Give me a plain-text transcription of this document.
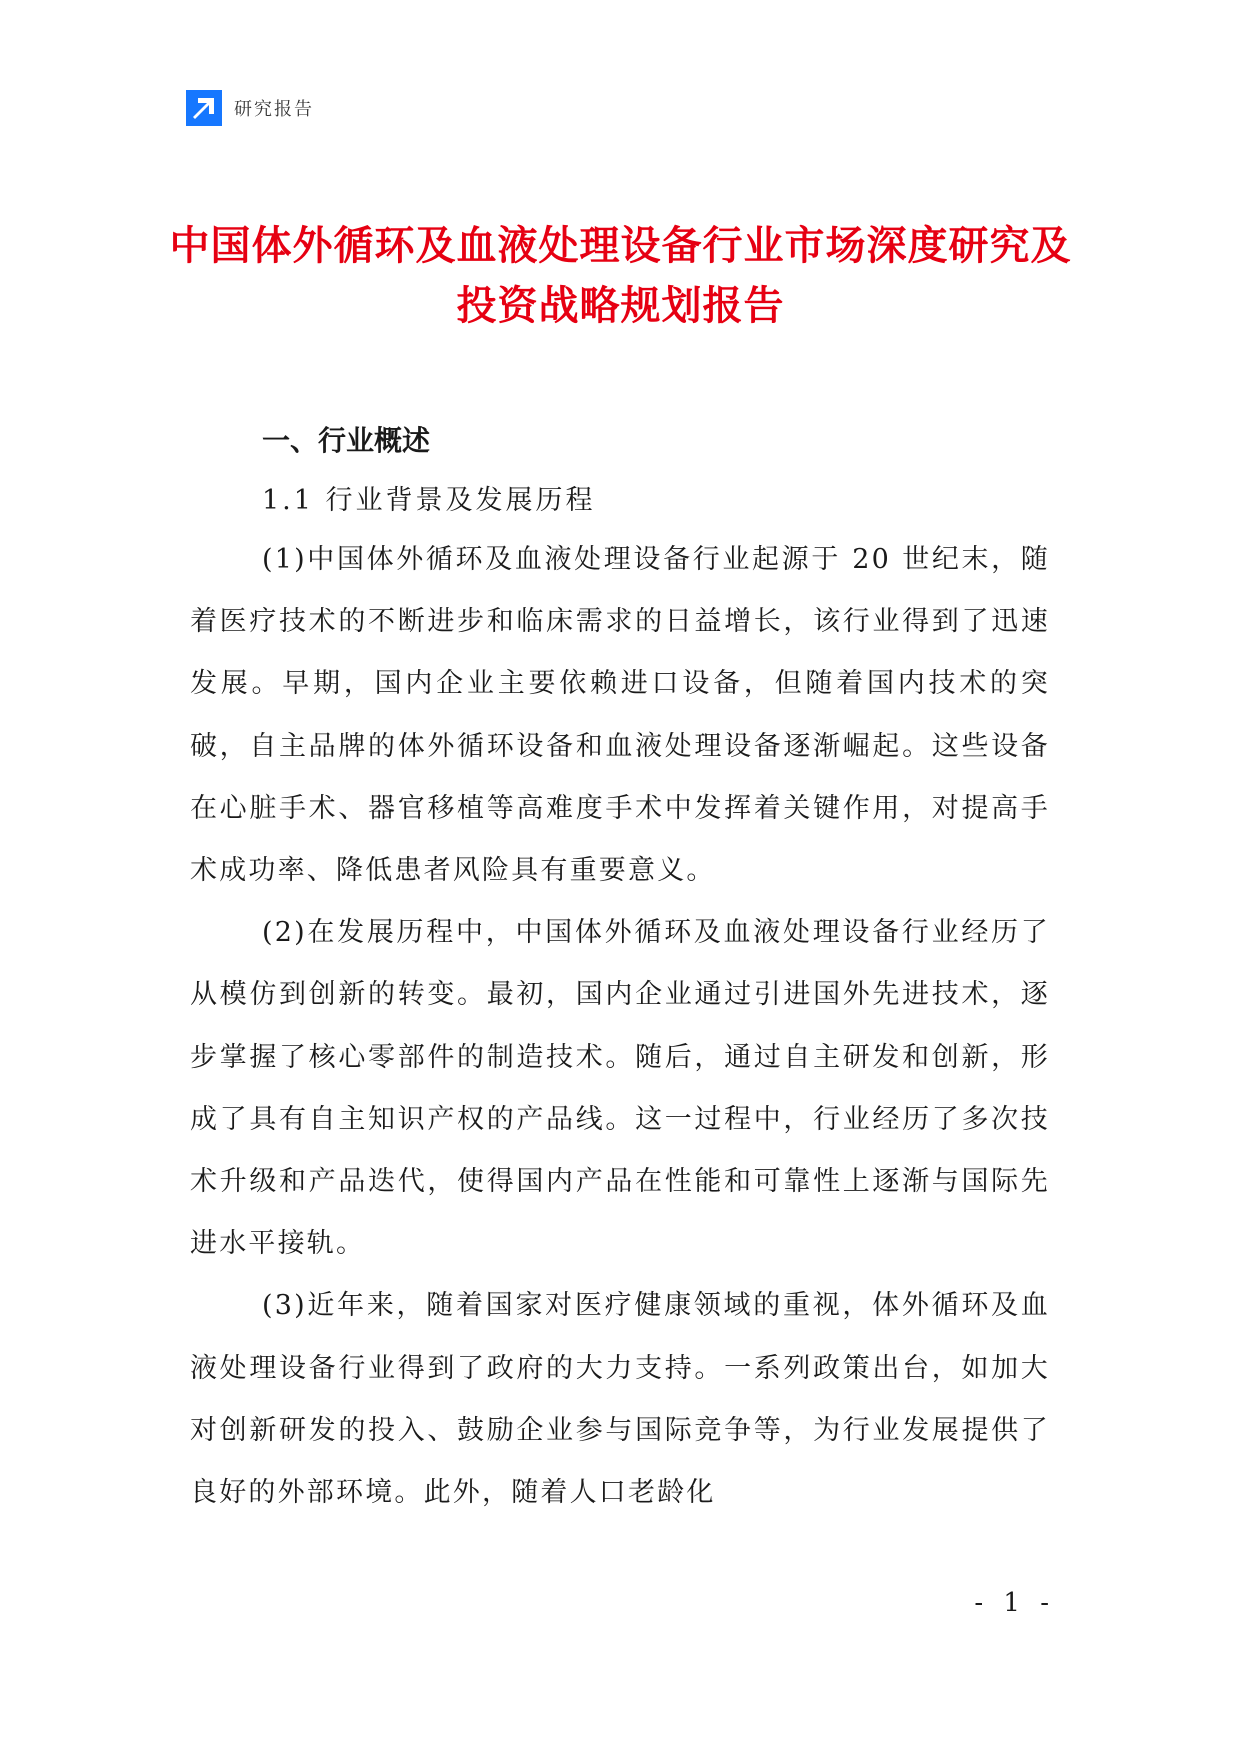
研究报告
中国体外循环及血液处理设备行业市场深度研究及投资战略规划报告
一、行业概述
1.1 行业背景及发展历程

(1)中国体外循环及血液处理设备行业起源于 20 世纪末，随着医疗技术的不断进步和临床需求的日益增长，该行业得到了迅速发展。早期，国内企业主要依赖进口设备，但随着国内技术的突破，自主品牌的体外循环设备和血液处理设备逐渐崛起。这些设备在心脏手术、器官移植等高难度手术中发挥着关键作用，对提高手术成功率、降低患者风险具有重要意义。

(2)在发展历程中，中国体外循环及血液处理设备行业经历了从模仿到创新的转变。最初，国内企业通过引进国外先进技术，逐步掌握了核心零部件的制造技术。随后，通过自主研发和创新，形成了具有自主知识产权的产品线。这一过程中，行业经历了多次技术升级和产品迭代，使得国内产品在性能和可靠性上逐渐与国际先进水平接轨。

(3)近年来，随着国家对医疗健康领域的重视，体外循环及血液处理设备行业得到了政府的大力支持。一系列政策出台，如加大对创新研发的投入、鼓励企业参与国际竞争等，为行业发展提供了良好的外部环境。此外，随着人口老龄化

- 1 -
